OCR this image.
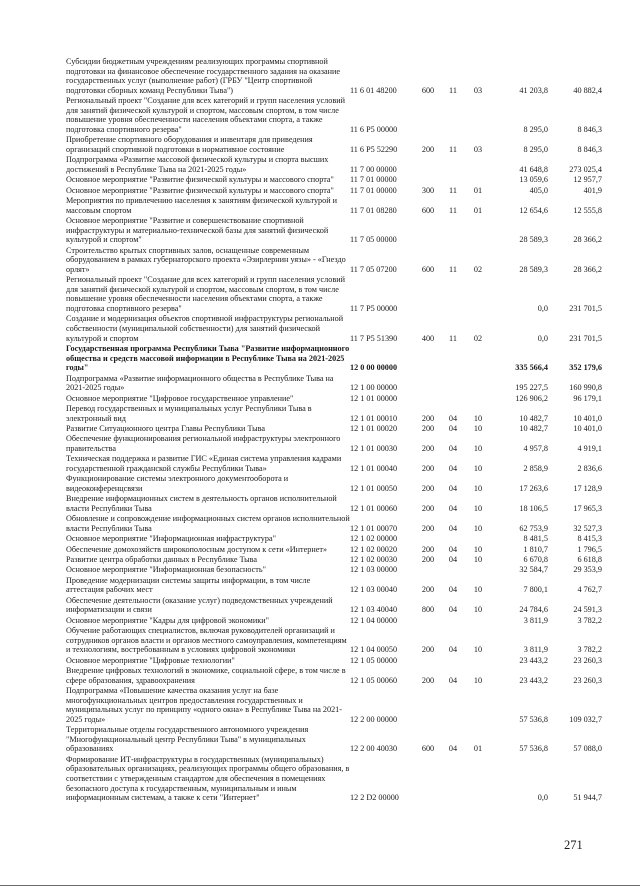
Субсидии бюджетным учреждениям реализующих программы спортивной подготовки на финансовое обеспечение государственного задания на оказание государственных услуг (выполнение работ) (ГРБУ "Центр спортивной подготовки сборных команд Республики Тыва")	11 6 01 48200	600	11	03	41 203,8	40 882,4
Региональный проект "Создание для всех категорий и групп населения условий для занятий физической культурой и спортом, массовым спортом, в том числе повышение уровня обеспеченности населения объектами спорта, а также подготовка спортивного резерва"	11 6 P5 00000				8 295,0	8 846,3
Приобретение спортивного оборудования и инвентаря для приведения организаций спортивной подготовки в нормативное состояние	11 6 P5 52290	200	11	03	8 295,0	8 846,3
Подпрограмма «Развитие массовой физической культуры и спорта высших достижений в Республике Тыва на 2021-2025 годы»	11 7 00 00000				41 648,8	273 025,4
Основное мероприятие "Развитие физической культуры и массового спорта"	11 7 01 00000				13 059,6	12 957,7
Основное мероприятие "Развитие физической культуры и массового спорта"	11 7 01 00000	300	11	01	405,0	401,9
Мероприятия по привлечению населения к занятиям физической культурой и массовым спортом	11 7 01 08280	600	11	01	12 654,6	12 555,8
Основное мероприятие "Развитие и совершенствование спортивной инфраструктуры и материально-технической базы для занятий физической культурой и спортом"	11 7 05 00000				28 589,3	28 366,2
Строительство крытых спортивных залов, оснащенные современным оборудованием в рамках губернаторского проекта «Эзирлернин уязы» - «Гнездо орлят»	11 7 05 07200	600	11	02	28 589,3	28 366,2
Региональный проект "Создание для всех категорий и групп населения условий для занятий физической культурой и спортом, массовым спортом, в том числе повышение уровня обеспеченности населения объектами спорта, а также подготовка спортивного резерва"	11 7 P5 00000				0,0	231 701,5
Создание и модернизация объектов спортивной инфраструктуры региональной собственности (муниципальной собственности) для занятий физической культурой и спортом	11 7 P5 51390	400	11	02	0,0	231 701,5
Государственная программа Республики Тыва "Развитие информационного общества и средств массовой информации в Республике Тыва на 2021-2025 годы"	12 0 00 00000				335 566,4	352 179,6
Подпрограмма «Развитие информационного общества в Республике Тыва на 2021-2025 годы»	12 1 00 00000				195 227,5	160 990,8
Основное мероприятие "Цифровое государственное управление"	12 1 01 00000				126 906,2	96 179,1
Перевод государственных и муниципальных услуг Республики Тыва в электронный вид	12 1 01 00010	200	04	10	10 482,7	10 401,0
Развитие Ситуационного центра Главы Республики Тыва	12 1 01 00020	200	04	10	10 482,7	10 401,0
Обеспечение функционирования региональной инфраструктуры электронного правительства	12 1 01 00030	200	04	10	4 957,8	4 919,1
Техническая поддержка и развитие ГИС «Единая система управления кадрами государственной гражданской службы Республики Тыва»	12 1 01 00040	200	04	10	2 858,9	2 836,6
Функционирование системы электронного документооборота и видеоконференцсвязи	12 1 01 00050	200	04	10	17 263,6	17 128,9
Внедрение информационных систем в деятельность органов исполнительной власти Республики Тыва	12 1 01 00060	200	04	10	18 106,5	17 965,3
Обновление и сопровождение информационных систем органов исполнительной власти Республики Тыва	12 1 01 00070	200	04	10	62 753,9	32 527,3
Основное мероприятие "Информационная инфраструктура"	12 1 02 00000				8 481,5	8 415,3
Обеспечение домохозяйств широкополосным доступом к сети «Интернет»	12 1 02 00020	200	04	10	1 810,7	1 796,5
Развитие центра обработки данных в Республике Тыва	12 1 02 00030	200	04	10	6 670,8	6 618,8
Основное мероприятие "Информационная безопасность"	12 1 03 00000				32 584,7	29 353,9
Проведение модернизации системы защиты информации, в том числе аттестация рабочих мест	12 1 03 00040	200	04	10	7 800,1	4 762,7
Обеспечение деятельности (оказание услуг) подведомственных учреждений информатизации и связи	12 1 03 40040	800	04	10	24 784,6	24 591,3
Основное мероприятие "Кадры для цифровой экономики"	12 1 04 00000				3 811,9	3 782,2
Обучение работающих специалистов, включая руководителей организаций и сотрудников органов власти и органов местного самоуправления, компетенциям и технологиям, востребованным в условиях цифровой экономики	12 1 04 00050	200	04	10	3 811,9	3 782,2
Основное мероприятие "Цифровые технологии"	12 1 05 00000				23 443,2	23 260,3
Внедрение цифровых технологий в экономике, социальной сфере, в том числе в сфере образования, здравоохранения	12 1 05 00060	200	04	10	23 443,2	23 260,3
Подпрограмма «Повышение качества оказания услуг на базе многофункциональных центров предоставления государственных и муниципальных услуг по принципу «одного окна» в Республике Тыва на 2021-2025 годы»	12 2 00 00000				57 536,8	109 032,7
Территориальные отделы государственного автономного учреждения "Многофункциональный центр Республики Тыва" в муниципальных образованиях	12 2 00 40030	600	04	01	57 536,8	57 088,0
Формирование ИТ-инфраструктуры в государственных (муниципальных) образовательных организациях, реализующих программы общего образования, в соответствии с утвержденным стандартом для обеспечения в помещениях безопасного доступа к государственным, муниципальным и иным информационным системам, а также к сети "Интернет"	12 2 D2 00000				0,0	51 944,7
271
